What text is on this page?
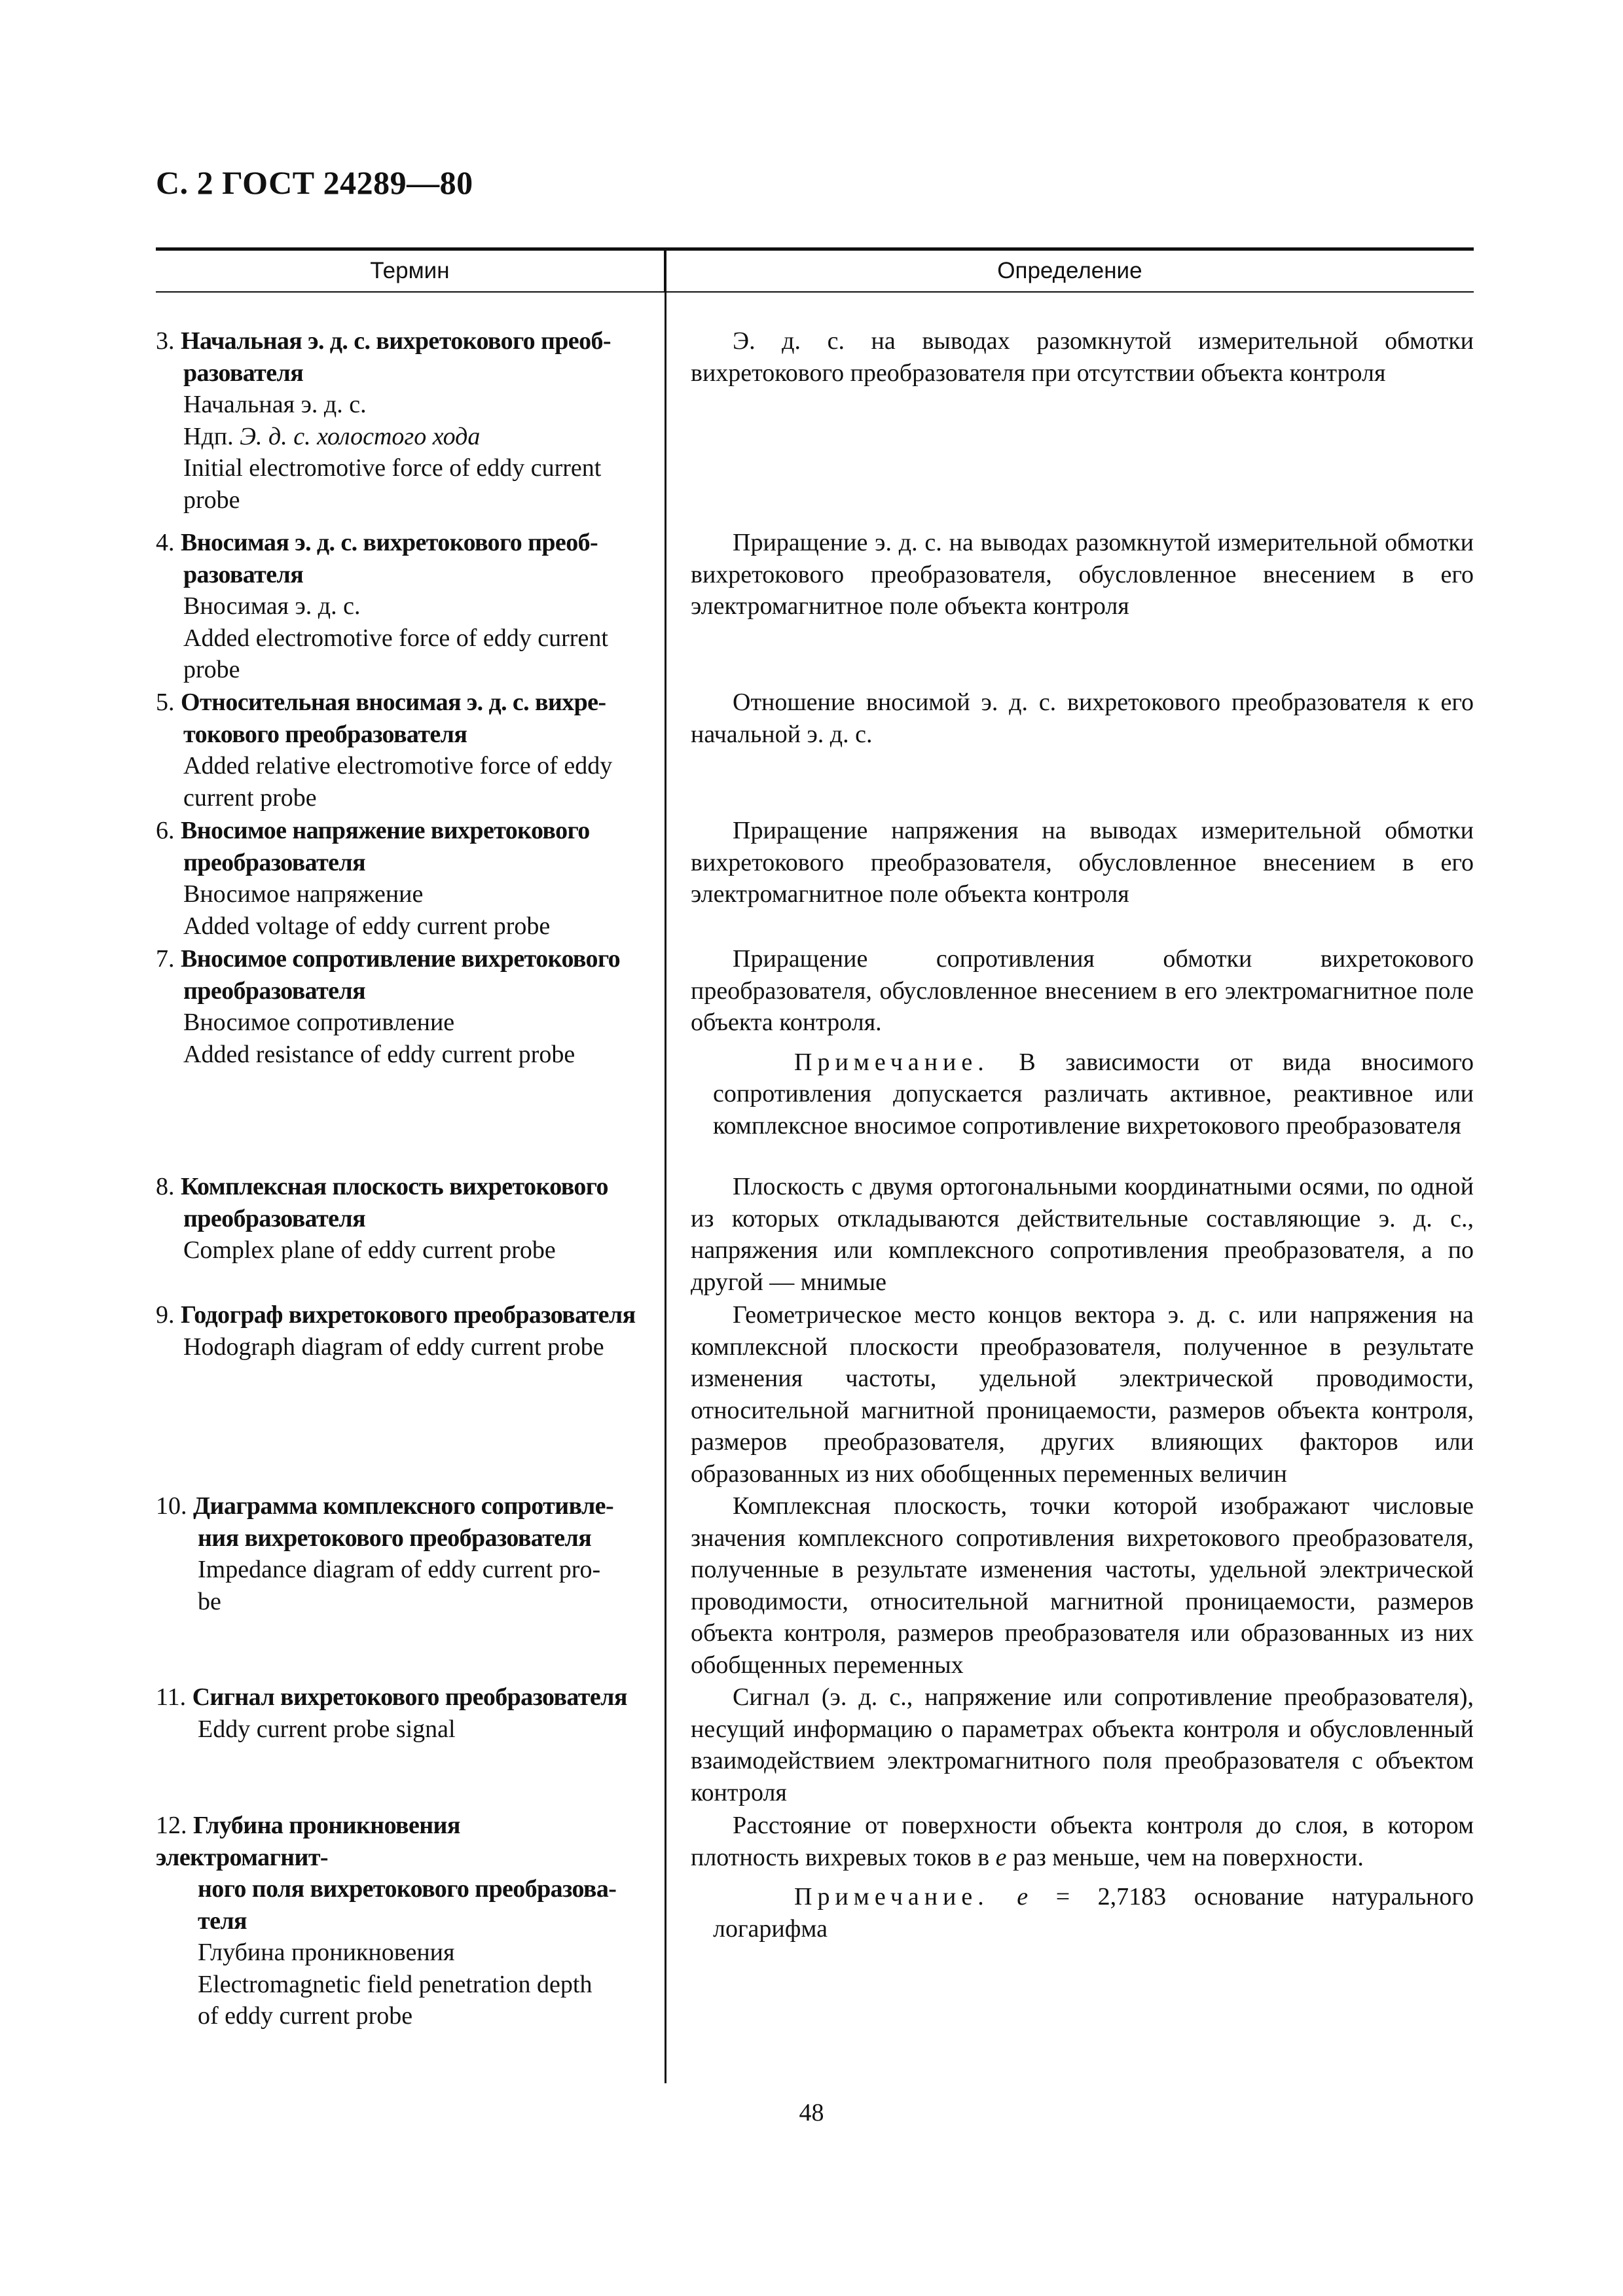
С. 2 ГОСТ 24289—80
Термин	Определение
3. Начальная э. д. с. вихретокового преоб-
разователя
Начальная э. д. с.
Ндп. Э. д. с. холостого хода
Initial electromotive force of eddy current
probe
Э. д. с. на выводах разомкнутой измерительной обмотки вихретокового преобразователя при отсутствии объекта контроля
4. Вносимая э. д. с. вихретокового преоб-
разователя
Вносимая э. д. с.
Added electromotive force of eddy current
probe
Приращение э. д. с. на выводах разомкнутой измерительной обмотки вихретокового преобразователя, обусловленное внесением в его электромагнитное поле объекта контроля
5. Относительная вносимая э. д. с. вихре-
токового преобразователя
Added relative electromotive force of eddy
current probe
Отношение вносимой э. д. с. вихретокового преобразователя к его начальной э. д. с.
6. Вносимое напряжение вихретокового
преобразователя
Вносимое напряжение
Added voltage of eddy current probe
Приращение напряжения на выводах измерительной обмотки вихретокового преобразователя, обусловленное внесением в его электромагнитное поле объекта контроля
7. Вносимое сопротивление вихретокового
преобразователя
Вносимое сопротивление
Added resistance of eddy current probe
Приращение сопротивления обмотки вихретокового преобразователя, обусловленное внесением в его электромагнитное поле объекта контроля.
Примечание. В зависимости от вида вносимого сопротивления допускается различать активное, реактивное или комплексное вносимое сопротивление вихретокового преобразователя
8. Комплексная плоскость вихретокового
преобразователя
Complex plane of eddy current probe
Плоскость с двумя ортогональными координатными осями, по одной из которых откладываются действительные составляющие э. д. с., напряжения или комплексного сопротивления преобразователя, а по другой — мнимые
9. Годограф вихретокового преобразователя
Hodograph diagram of eddy current probe
Геометрическое место концов вектора э. д. с. или напряжения на комплексной плоскости преобразователя, полученное в результате изменения частоты, удельной электрической проводимости, относительной магнитной проницаемости, размеров объекта контроля, размеров преобразователя, других влияющих факторов или образованных из них обобщенных переменных величин
10. Диаграмма комплексного сопротивле-
ния вихретокового преобразователя
Impedance diagram of eddy current pro-
be
Комплексная плоскость, точки которой изображают числовые значения комплексного сопротивления вихретокового преобразователя, полученные в результате изменения частоты, удельной электрической проводимости, относительной магнитной проницаемости, размеров объекта контроля, размеров преобразователя или образованных из них обобщенных переменных
11. Сигнал вихретокового преобразователя
Eddy current probe signal
Сигнал (э. д. с., напряжение или сопротивление преобразователя), несущий информацию о параметрах объекта контроля и обусловленный взаимодействием электромагнитного поля преобразователя с объектом контроля
12. Глубина проникновения электромагнит-
ного поля вихретокового преобразова-
теля
Глубина проникновения
Electromagnetic field penetration depth
of eddy current probe
Расстояние от поверхности объекта контроля до слоя, в котором плотность вихревых токов в e раз меньше, чем на поверхности.
Примечание. e = 2,7183 основание натурального логарифма
48
